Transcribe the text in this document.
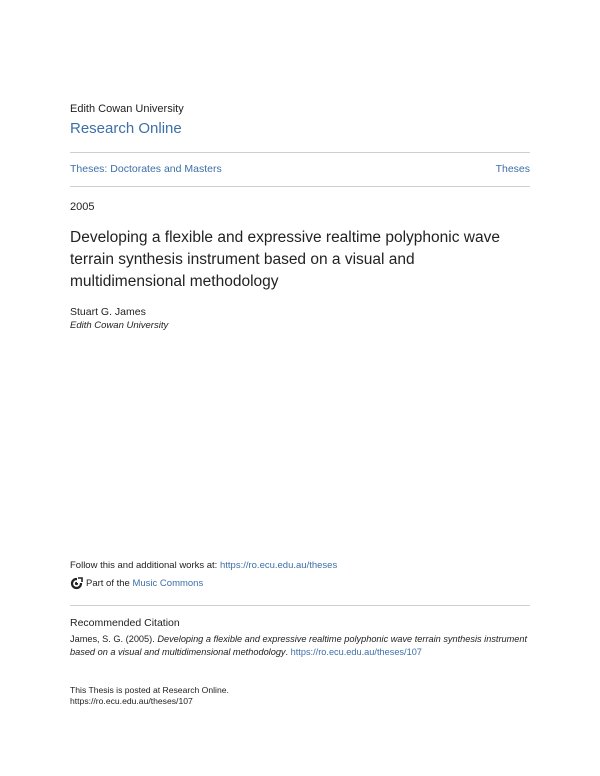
Edith Cowan University
Research Online
Theses: Doctorates and Masters	Theses
2005
Developing a flexible and expressive realtime polyphonic wave terrain synthesis instrument based on a visual and multidimensional methodology
Stuart G. James
Edith Cowan University
Follow this and additional works at: https://ro.ecu.edu.au/theses
Part of the
Music Commons
Recommended Citation
James, S. G. (2005). Developing a flexible and expressive realtime polyphonic wave terrain synthesis instrument based on a visual and multidimensional methodology. https://ro.ecu.edu.au/theses/107
This Thesis is posted at Research Online.
https://ro.ecu.edu.au/theses/107
